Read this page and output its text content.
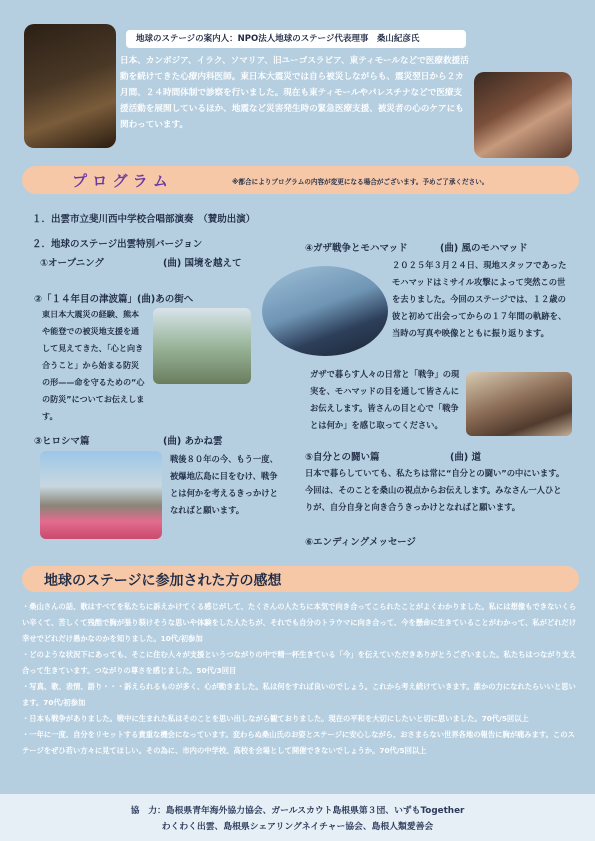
地球のステージの案内人：NPO法人地球のステージ代表理事　桑山紀彦氏
日本、カンボジア、イラク、ソマリア、旧ユーゴスラビア、東ティモールなどで医療救援活動を続けてきた心療内科医師。東日本大震災では自ら被災しながらも、震災翌日から２カ月間、２４時間体制で診察を行いました。現在も東ティモールやパレスチナなどで医療支援活動を展開しているほか、地震など災害発生時の緊急医療支援、被災者の心のケアにも関わっています。
プ ロ グ ラ ム	※都合によりプログラムの内容が変更になる場合がございます。予めご了承ください。
１．出雲市立斐川西中学校合唱部演奏　（賛助出演）
２．地球のステージ出雲特別バージョン
①オープニング	(曲) 国境を越えて
②「１４年目の津波篇」(曲)あの街へ
東日本大震災の経験、熊本や能登での被災地支援を通して見えてきた、「心と向き合うこと」から始まる防災の形——命を守るための“心の防災”についてお伝えします。
③ヒロシマ篇	(曲) あかね雲
戦後８０年の今、もう一度、被爆地広島に目をむけ、戦争とは何かを考えるきっかけとなればと願います。
④ガザ戦争とモハマッド	(曲) 風のモハマッド
２０２５年３月２４日、現地スタッフであったモハマッドはミサイル攻撃によって突然この世を去りました。今回のステージでは、１２歳の彼と初めて出会ってからの１７年間の軌跡を、当時の写真や映像とともに振り返ります。
ガザで暮らす人々の日常と「戦争」の現実を、モハマッドの目を通して皆さんにお伝えします。皆さんの目と心で「戦争とは何か」を感じ取ってください。
⑤自分との闘い篇	(曲) 道
日本で暮らしていても、私たちは常に“自分との闘い”の中にいます。今回は、そのことを桑山の視点からお伝えします。みなさん一人ひとりが、自分自身と向き合うきっかけとなればと願います。
⑥エンディングメッセージ
地球のステージに参加された方の感想

・桑山さんの話、歌はすべてを私たちに訴えかけてくる感じがして、たくさんの人たちに本気で向き合ってこられたことがよくわかりました。私には想像もできないくらい辛くて、苦しくて残酷で胸が張り裂けそうな思いや体験をした人たちが、それでも自分のトラウマに向き合って、今を懸命に生きていることがわかって、私がどれだけ幸せでどれだけ愚かなのかを知りました。10代/初参加

・どのような状況下にあっても、そこに住む人々が支援というつながりの中で精一杯生きている「今」を伝えていただきありがとうございました。私たちはつながり支え合って生きています。つながりの尊さを感じました。50代/3回目

・写真、歌、表情、語り・・・訴えられるものが多く、心が動きました。私は何をすれば良いのでしょう。これから考え続けていきます。誰かの力になれたらいいと思います。70代/初参加

・日本も戦争がありました。戦中に生まれた私はそのことを思い出しながら観ておりました。現在の平和を大切にしたいと切に思いました。70代/5回以上

・一年に一度、自分をリセットする貴重な機会になっています。変わらぬ桑山氏のお姿とステージに安心しながら、おさまらない世界各地の報告に胸が痛みます。このステージをぜひ若い方々に見てほしい。その為に、市内の中学校、高校を会場として開催できないでしょうか。70代/5回以上

協　力：島根県青年海外協力協会、ガールスカウト島根県第３団、いずもTogether
わくわく出雲、島根県シェアリングネイチャー協会、島根人類愛善会
